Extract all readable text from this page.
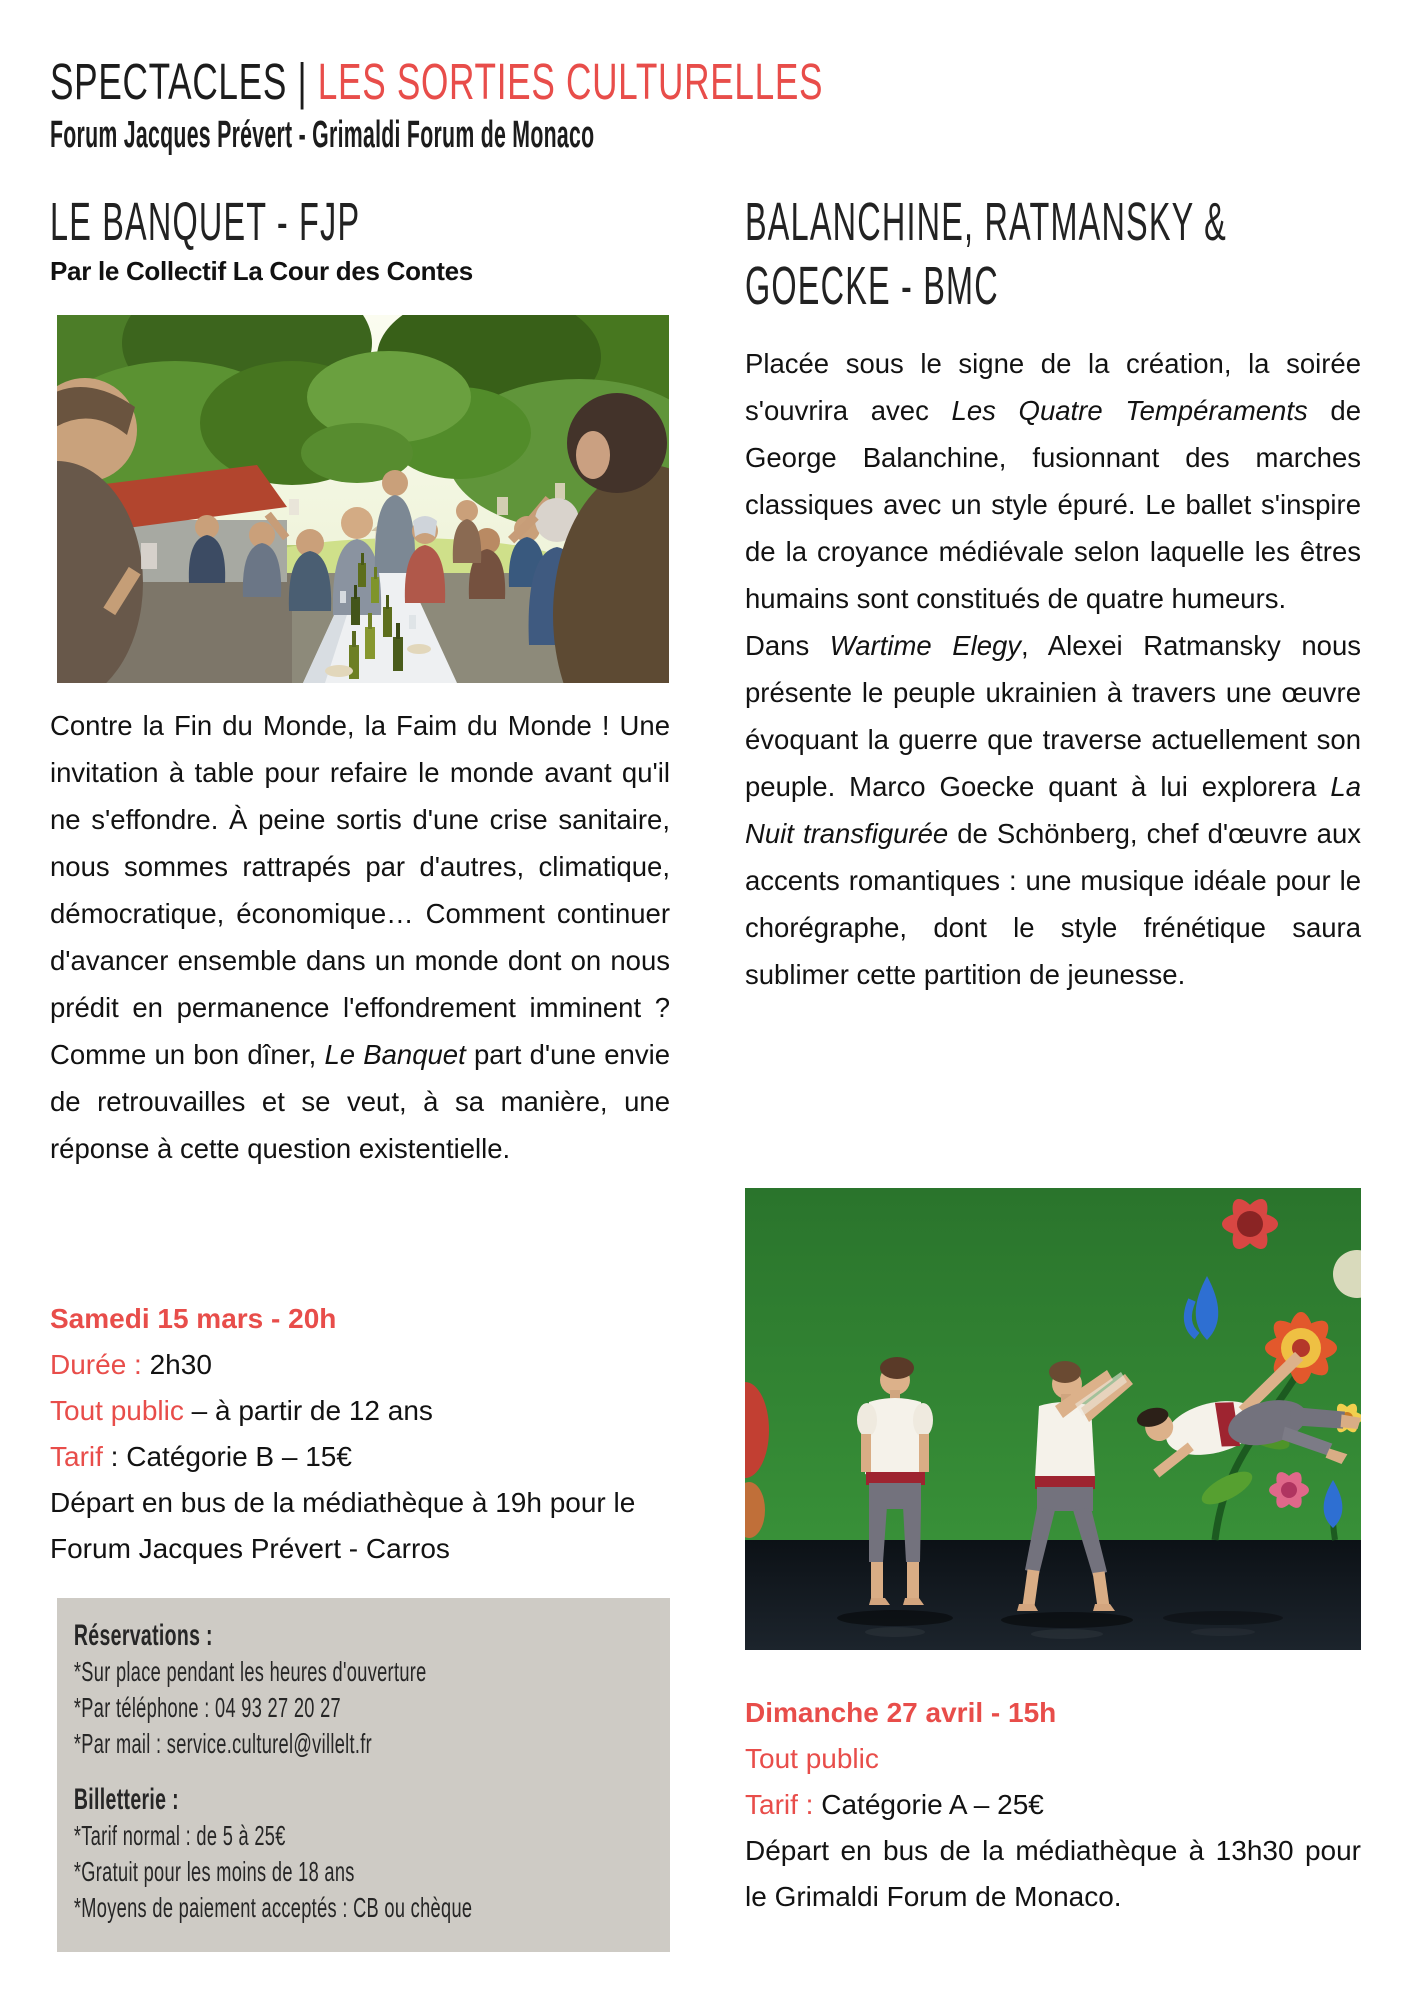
SPECTACLES | LES SORTIES CULTURELLES
Forum Jacques Prévert - Grimaldi Forum de Monaco
LE BANQUET - FJP
Par le Collectif La Cour des Contes

Contre la Fin du Monde, la Faim du Monde ! Une invitation à table pour refaire le monde avant qu'il ne s'effondre. À peine sortis d'une crise sanitaire, nous sommes rattrapés par d'autres, climatique, démocratique, économique… Comment continuer d'avancer ensemble dans un monde dont on nous prédit en permanence l'effondrement imminent ? Comme un bon dîner, Le Banquet part d'une envie de retrouvailles et se veut, à sa manière, une réponse à cette question existentielle.

Samedi 15 mars - 20h
Durée : 2h30
Tout public – à partir de 12 ans
Tarif : Catégorie B – 15€

Départ en bus de la médiathèque à 19h pour le Forum Jacques Prévert - Carros

Réservations :
*Sur place pendant les heures d'ouverture
*Par téléphone : 04 93 27 20 27
*Par mail : service.culturel@villelt.fr
Billetterie :
*Tarif normal : de 5 à 25€
*Gratuit pour les moins de 18 ans
*Moyens de paiement acceptés : CB ou chèque
BALANCHINE, RATMANSKY &
GOECKE - BMC

Placée sous le signe de la création, la soirée s'ouvrira avec Les Quatre Tempéraments de George Balanchine, fusionnant des marches classiques avec un style épuré. Le ballet s'inspire de la croyance médiévale selon laquelle les êtres humains sont constitués de quatre humeurs.

Dans Wartime Elegy, Alexei Ratmansky nous présente le peuple ukrainien à travers une œuvre évoquant la guerre que traverse actuellement son peuple. Marco Goecke quant à lui explorera La Nuit transfigurée de Schönberg, chef d'œuvre aux accents romantiques : une musique idéale pour le chorégraphe, dont le style frénétique saura sublimer cette partition de jeunesse.

Dimanche 27 avril - 15h
Tout public
Tarif : Catégorie A – 25€

Départ en bus de la médiathèque à 13h30 pour le Grimaldi Forum de Monaco.
